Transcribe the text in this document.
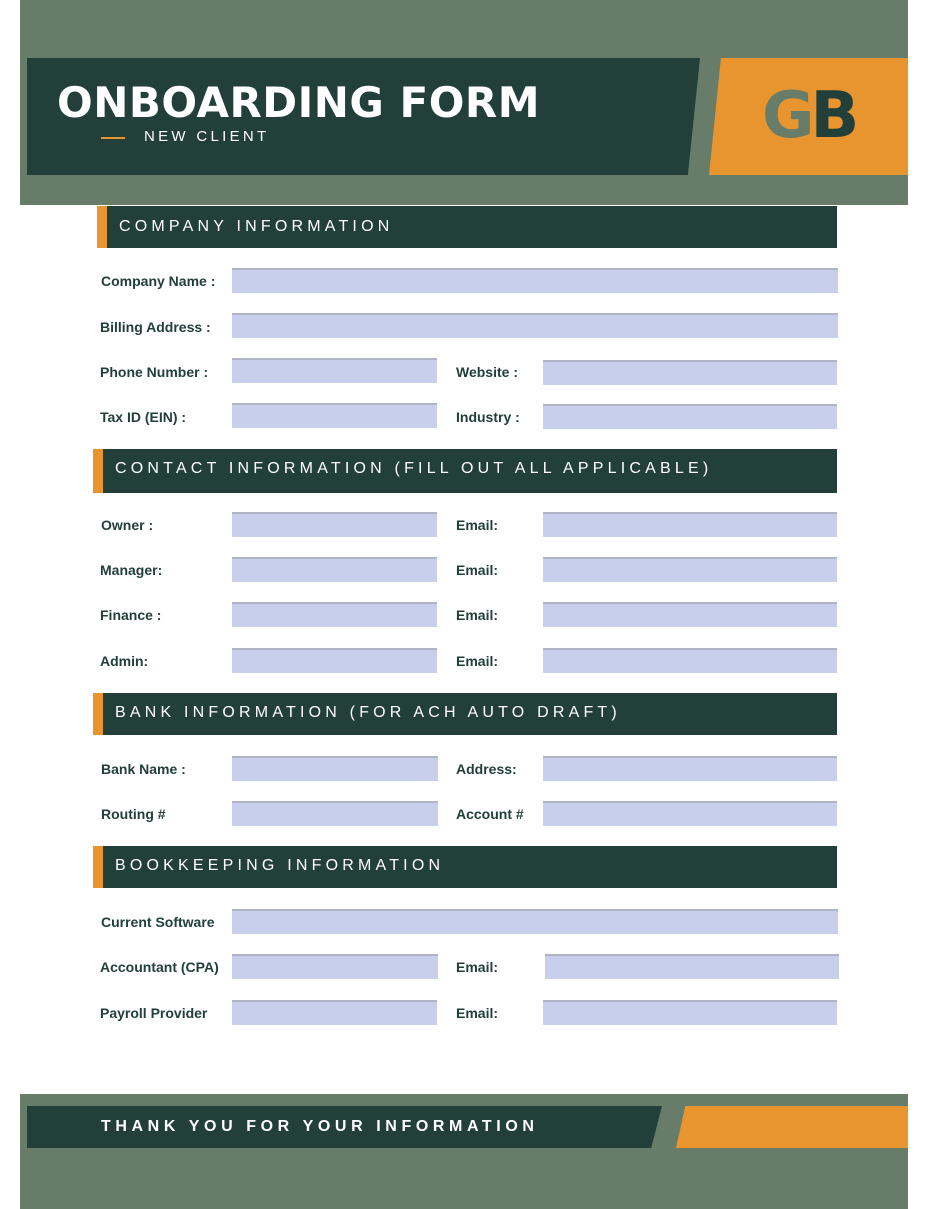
ONBOARDING FORM
NEW CLIENT	GB
COMPANY INFORMATION
Company Name :
Billing Address :
Phone Number :	Website :
Tax ID (EIN) :	Industry :
CONTACT INFORMATION (FILL OUT ALL APPLICABLE)
Owner :	Email:
Manager:	Email:
Finance :	Email:
Admin:	Email:
BANK INFORMATION (FOR ACH AUTO DRAFT)
Bank Name :	Address:
Routing #	Account #
BOOKKEEPING INFORMATION
Current Software
Accountant (CPA)	Email:
Payroll Provider	Email:
THANK YOU FOR YOUR INFORMATION
